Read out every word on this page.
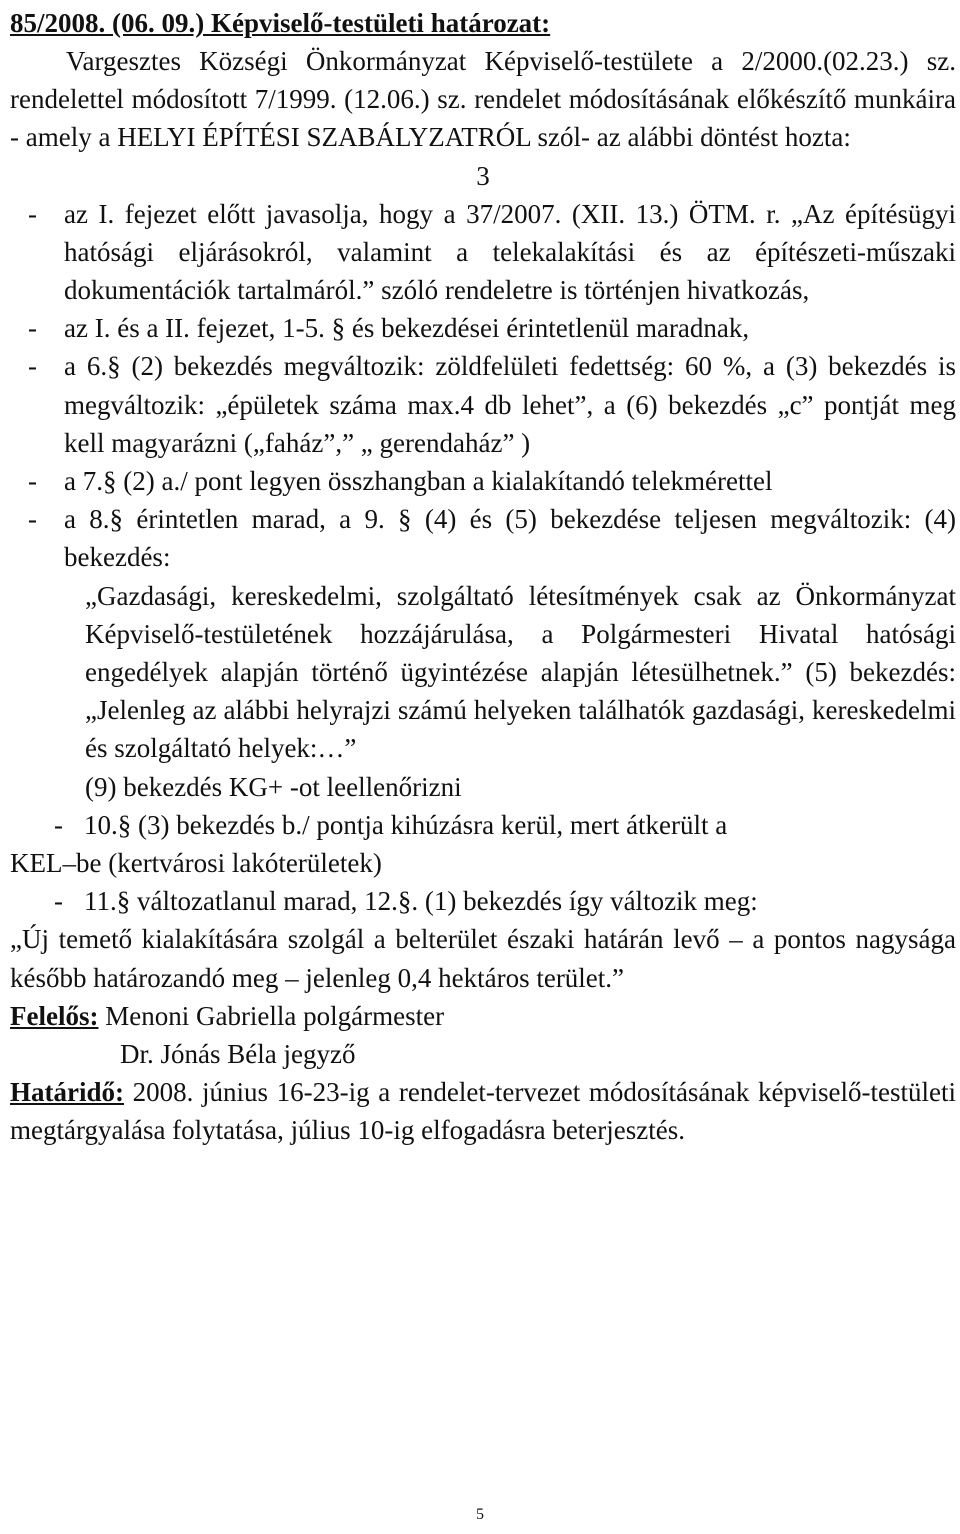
85/2008. (06. 09.) Képviselő-testületi határozat:

Vargesztes Községi Önkormányzat Képviselő-testülete a 2/2000.(02.23.) sz. rendelettel módosított 7/1999. (12.06.) sz. rendelet módosításának előkészítő munkáira - amely a HELYI ÉPÍTÉSI SZABÁLYZATRÓL szól- az alábbi döntést hozta:

3
-	az I. fejezet előtt javasolja, hogy a 37/2007. (XII. 13.) ÖTM. r. „Az építésügyi hatósági eljárásokról, valamint a telekalakítási és az építészeti-műszaki dokumentációk tartalmáról.” szóló rendeletre is történjen hivatkozás,
-	az I. és a II. fejezet, 1-5. § és bekezdései érintetlenül maradnak,
-	a 6.§ (2) bekezdés megváltozik: zöldfelületi fedettség: 60 %, a (3) bekezdés is megváltozik: „épületek száma max.4 db lehet”, a (6) bekezdés „c” pontját meg kell magyarázni („faház”,” „ gerendaház” )
-	a 7.§ (2) a./ pont legyen összhangban a kialakítandó telekmérettel
-	a 8.§ érintetlen marad, a 9. § (4) és (5) bekezdése teljesen megváltozik: (4) bekezdés:
„Gazdasági, kereskedelmi, szolgáltató létesítmények csak az Önkormányzat Képviselő-testületének hozzájárulása, a Polgármesteri Hivatal hatósági engedélyek alapján történő ügyintézése alapján létesülhetnek.” (5) bekezdés: „Jelenleg az alábbi helyrajzi számú helyeken találhatók gazdasági, kereskedelmi és szolgáltató helyek:…”
(9) bekezdés KG+ -ot leellenőrizni
- 10.§ (3) bekezdés b./ pontja kihúzásra kerül, mert átkerült a
KEL–be (kertvárosi lakóterületek)
- 11.§ változatlanul marad, 12.§. (1) bekezdés így változik meg:
„Új temető kialakítására szolgál a belterület északi határán levő – a pontos nagysága később határozandó meg – jelenleg 0,4 hektáros terület.”
Felelős: Menoni Gabriella polgármester
Dr. Jónás Béla jegyző
Határidő: 2008. június 16-23-ig a rendelet-tervezet módosításának képviselő-testületi megtárgyalása folytatása, július 10-ig elfogadásra beterjesztés.
5
